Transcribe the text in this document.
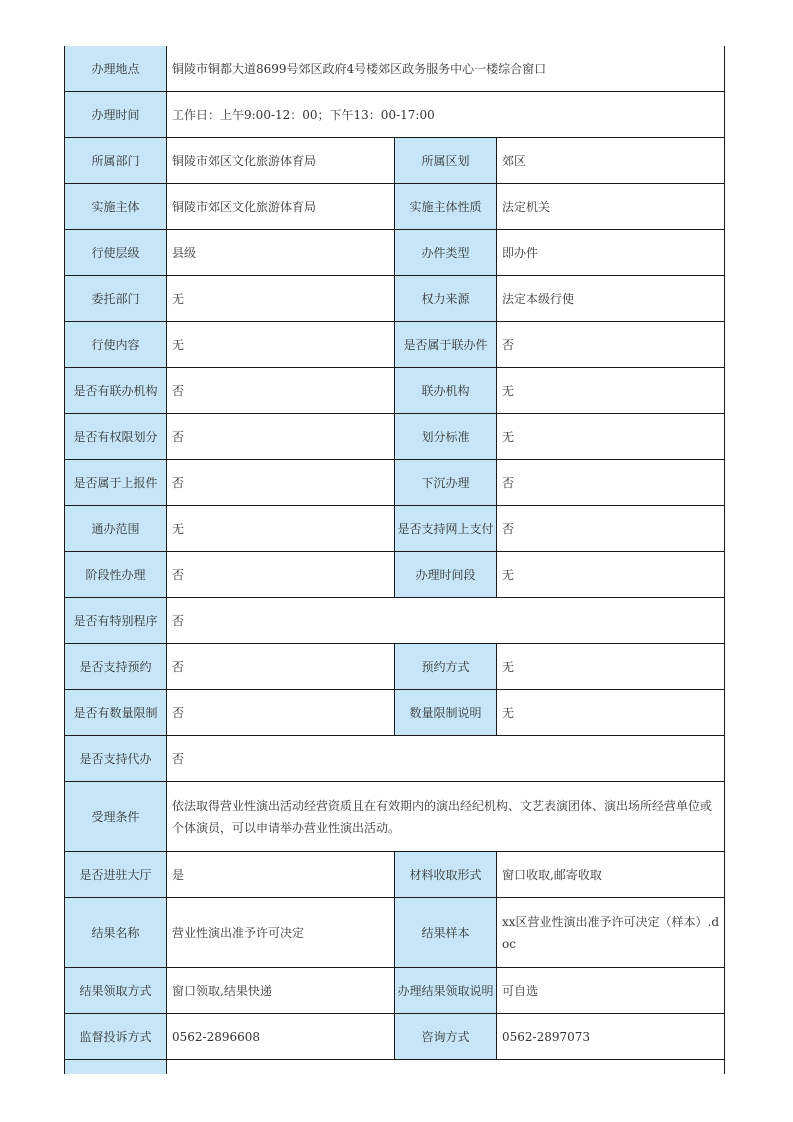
办理地点	铜陵市铜都大道8699号郊区政府4号楼郊区政务服务中心一楼综合窗口		
办理时间	工作日：上午9:00-12：00；下午13：00-17:00		
所属部门	铜陵市郊区文化旅游体育局	所属区划	郊区
实施主体	铜陵市郊区文化旅游体育局	实施主体性质	法定机关
行使层级	县级	办件类型	即办件
委托部门	无	权力来源	法定本级行使
行使内容	无	是否属于联办件	否
是否有联办机构	否	联办机构	无
是否有权限划分	否	划分标准	无
是否属于上报件	否	下沉办理	否
通办范围	无	是否支持网上支付	否
阶段性办理	否	办理时间段	无
是否有特别程序	否		
是否支持预约	否	预约方式	无
是否有数量限制	否	数量限制说明	无
是否支持代办	否		
受理条件	依法取得营业性演出活动经营资质且在有效期内的演出经纪机构、文艺表演团体、演出场所经营单位或个体演员，可以申请举办营业性演出活动。		
是否进驻大厅	是	材料收取形式	窗口收取,邮寄收取
结果名称	营业性演出准予许可决定	结果样本	xx区营业性演出准予许可决定（样本）.doc
结果领取方式	窗口领取,结果快递	办理结果领取说明	可自选
监督投诉方式	0562-2896608	咨询方式	0562-2897073
